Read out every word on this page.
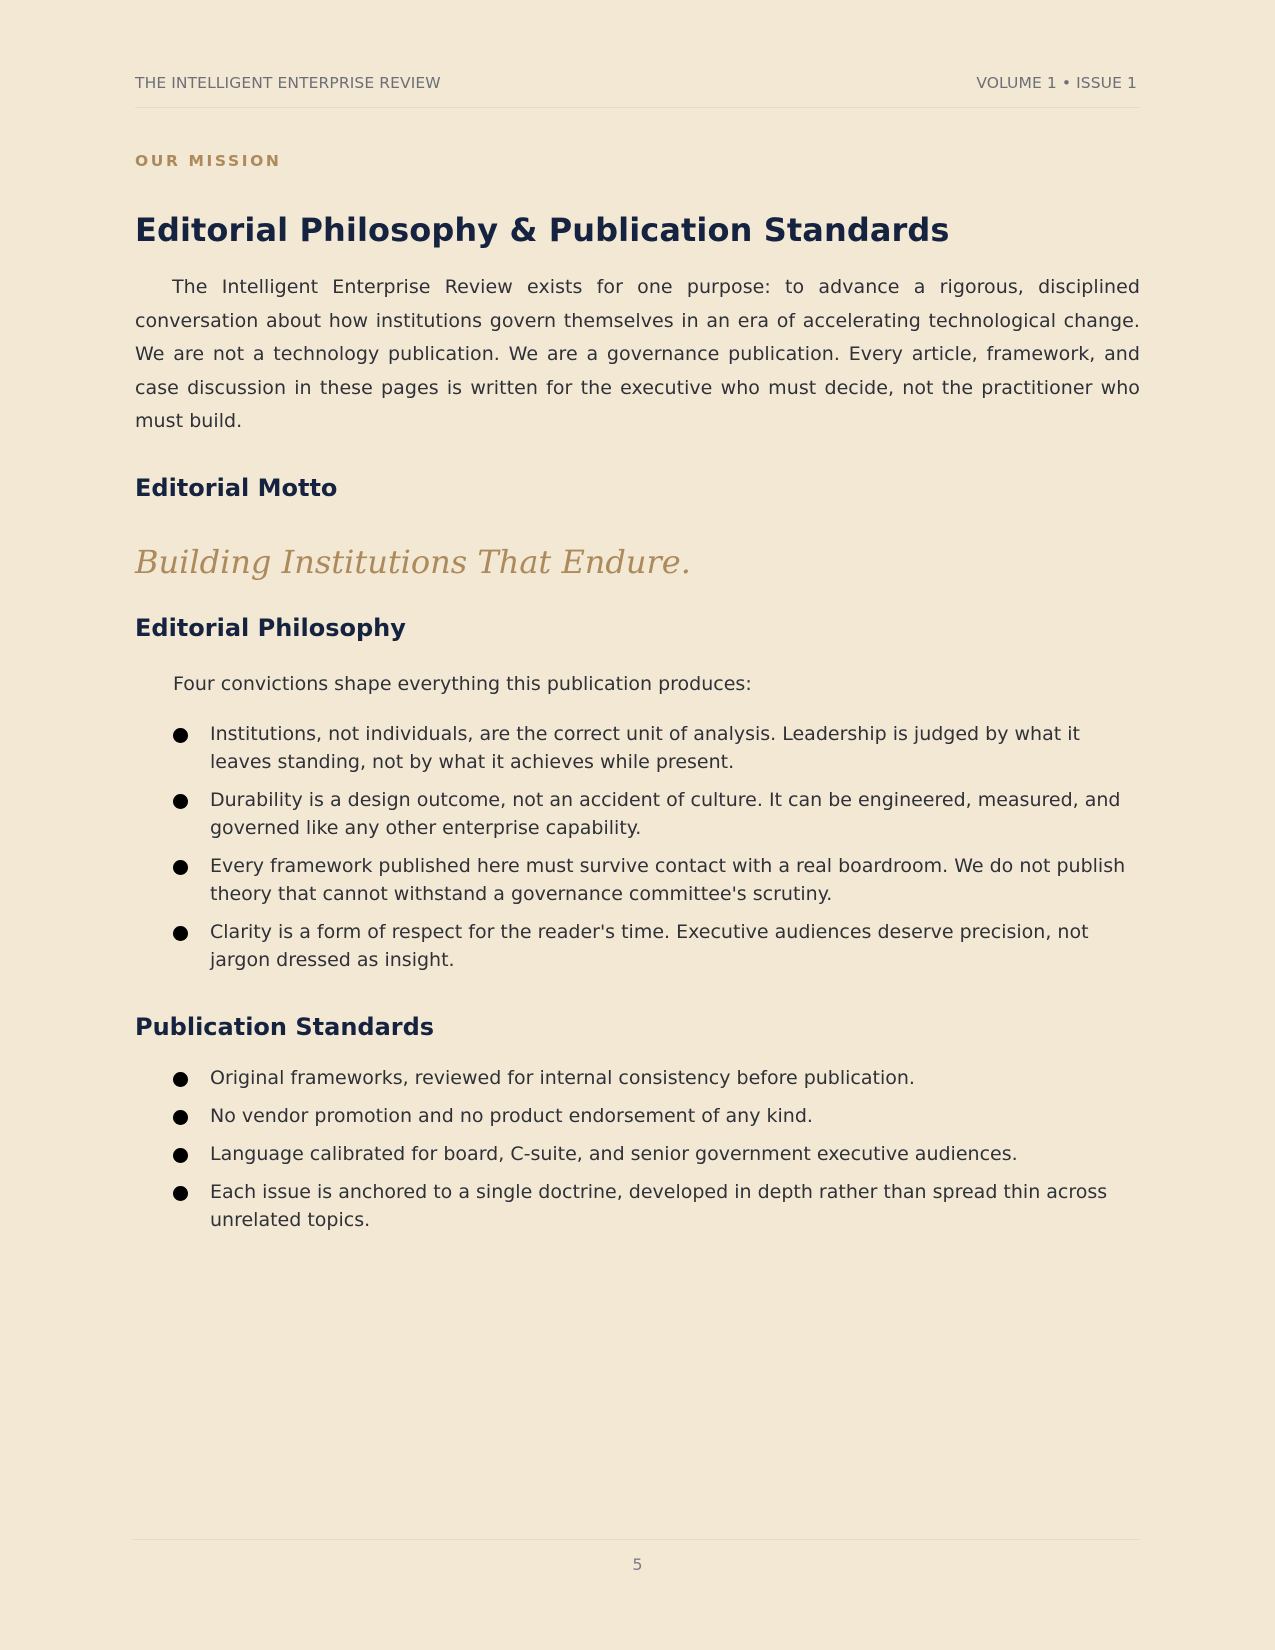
THE INTELLIGENT ENTERPRISE REVIEW	VOLUME 1 • ISSUE 1
OUR MISSION
Editorial Philosophy & Publication Standards

The Intelligent Enterprise Review exists for one purpose: to advance a rigorous, disciplined conversation about how institutions govern themselves in an era of accelerating technological change. We are not a technology publication. We are a governance publication. Every article, framework, and case discussion in these pages is written for the executive who must decide, not the practitioner who must build.

Editorial Motto

Building Institutions That Endure.

Editorial Philosophy

Four convictions shape everything this publication produces:

Institutions, not individuals, are the correct unit of analysis. Leadership is judged by what it leaves standing, not by what it achieves while present.
Durability is a design outcome, not an accident of culture. It can be engineered, measured, and governed like any other enterprise capability.
Every framework published here must survive contact with a real boardroom. We do not publish theory that cannot withstand a governance committee's scrutiny.
Clarity is a form of respect for the reader's time. Executive audiences deserve precision, not jargon dressed as insight.
Publication Standards
Original frameworks, reviewed for internal consistency before publication.
No vendor promotion and no product endorsement of any kind.
Language calibrated for board, C-suite, and senior government executive audiences.
Each issue is anchored to a single doctrine, developed in depth rather than spread thin across unrelated topics.
5
